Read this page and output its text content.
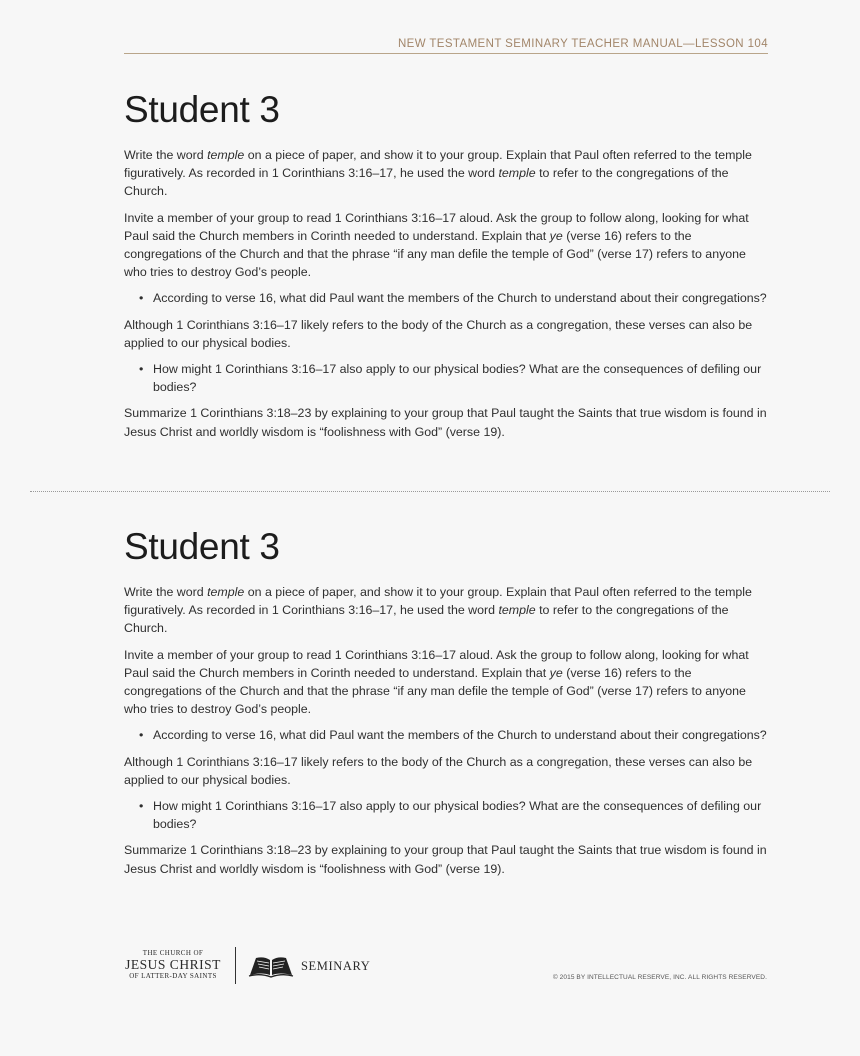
NEW TESTAMENT SEMINARY TEACHER MANUAL—LESSON 104
Student 3

Write the word temple on a piece of paper, and show it to your group. Explain that Paul often referred to the temple figuratively. As recorded in 1 Corinthians 3:16–17, he used the word temple to refer to the congregations of the Church.

Invite a member of your group to read 1 Corinthians 3:16–17 aloud. Ask the group to follow along, looking for what Paul said the Church members in Corinth needed to understand. Explain that ye (verse 16) refers to the congregations of the Church and that the phrase “if any man defile the temple of God” (verse 17) refers to anyone who tries to destroy God’s people.

• According to verse 16, what did Paul want the members of the Church to understand about their congregations?

Although 1 Corinthians 3:16–17 likely refers to the body of the Church as a congregation, these verses can also be applied to our physical bodies.

• How might 1 Corinthians 3:16–17 also apply to our physical bodies? What are the consequences of defiling our bodies?

Summarize 1 Corinthians 3:18–23 by explaining to your group that Paul taught the Saints that true wisdom is found in Jesus Christ and worldly wisdom is “foolishness with God” (verse 19).

Student 3

Write the word temple on a piece of paper, and show it to your group. Explain that Paul often referred to the temple figuratively. As recorded in 1 Corinthians 3:16–17, he used the word temple to refer to the congregations of the Church.

Invite a member of your group to read 1 Corinthians 3:16–17 aloud. Ask the group to follow along, looking for what Paul said the Church members in Corinth needed to understand. Explain that ye (verse 16) refers to the congregations of the Church and that the phrase “if any man defile the temple of God” (verse 17) refers to anyone who tries to destroy God’s people.

• According to verse 16, what did Paul want the members of the Church to understand about their congregations?

Although 1 Corinthians 3:16–17 likely refers to the body of the Church as a congregation, these verses can also be applied to our physical bodies.

• How might 1 Corinthians 3:16–17 also apply to our physical bodies? What are the consequences of defiling our bodies?

Summarize 1 Corinthians 3:18–23 by explaining to your group that Paul taught the Saints that true wisdom is found in Jesus Christ and worldly wisdom is “foolishness with God” (verse 19).

THE CHURCH OF
JESUS CHRIST
OF LATTER-DAY SAINTS
SEMINARY
© 2015 BY INTELLECTUAL RESERVE, INC. ALL RIGHTS RESERVED.
